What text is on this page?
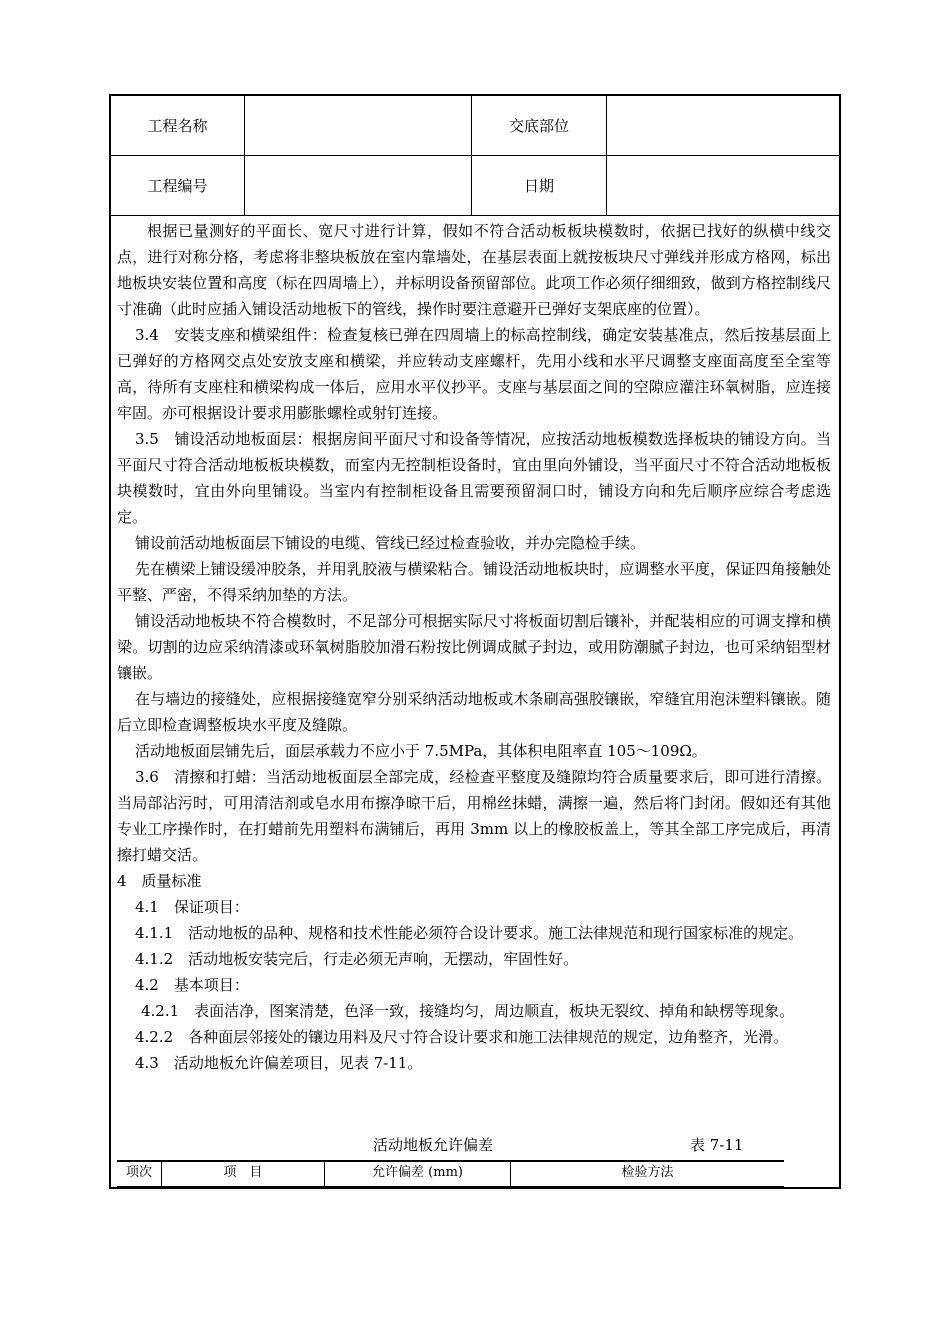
工程名称	交底部位
工程编号	日期

根据已量测好的平面长、宽尺寸进行计算，假如不符合活动板板块模数时，依据已找好的纵横中线交点，进行对称分格，考虑将非整块板放在室内靠墙处，在基层表面上就按板块尺寸弹线并形成方格网，标出地板块安装位置和高度（标在四周墙上），并标明设备预留部位。此项工作必须仔细细致，做到方格控制线尺寸准确（此时应插入铺设活动地板下的管线，操作时要注意避开已弹好支架底座的位置）。

3.4　安装支座和横梁组件：检查复核已弹在四周墙上的标高控制线，确定安装基准点，然后按基层面上已弹好的方格网交点处安放支座和横梁，并应转动支座螺杆，先用小线和水平尺调整支座面高度至全室等高，待所有支座柱和横梁构成一体后，应用水平仪抄平。支座与基层面之间的空隙应灌注环氧树脂，应连接牢固。亦可根据设计要求用膨胀螺栓或射钉连接。

3.5　铺设活动地板面层：根据房间平面尺寸和设备等情况，应按活动地板模数选择板块的铺设方向。当平面尺寸符合活动地板板块模数，而室内无控制柜设备时，宜由里向外铺设，当平面尺寸不符合活动地板板块模数时，宜由外向里铺设。当室内有控制柜设备且需要预留洞口时，铺设方向和先后顺序应综合考虑选定。

铺设前活动地板面层下铺设的电缆、管线已经过检查验收，并办完隐检手续。

先在横梁上铺设缓冲胶条，并用乳胶液与横梁粘合。铺设活动地板块时，应调整水平度，保证四角接触处平整、严密，不得采纳加垫的方法。

铺设活动地板块不符合模数时，不足部分可根据实际尺寸将板面切割后镶补，并配装相应的可调支撑和横梁。切割的边应采纳清漆或环氧树脂胶加滑石粉按比例调成腻子封边，或用防潮腻子封边，也可采纳铝型材镶嵌。

在与墙边的接缝处，应根据接缝宽窄分别采纳活动地板或木条刷高强胶镶嵌，窄缝宜用泡沫塑料镶嵌。随后立即检查调整板块水平度及缝隙。

活动地板面层铺先后，面层承载力不应小于 7.5MPa，其体积电阻率直 105～109Ω。

3.6　清擦和打蜡：当活动地板面层全部完成，经检查平整度及缝隙均符合质量要求后，即可进行清擦。当局部沾污时，可用清洁剂或皂水用布擦净晾干后，用棉丝抹蜡，满擦一遍，然后将门封闭。假如还有其他专业工序操作时，在打蜡前先用塑料布满铺后，再用 3mm 以上的橡胶板盖上，等其全部工序完成后，再清擦打蜡交活。

4　质量标准

4.1　保证项目：

4.1.1　活动地板的品种、规格和技术性能必须符合设计要求。施工法律规范和现行国家标准的规定。

4.1.2　活动地板安装完后，行走必须无声响，无摆动，牢固性好。

4.2　基本项目：

4.2.1　表面洁净，图案清楚，色泽一致，接缝均匀，周边顺直，板块无裂纹、掉角和缺楞等现象。

4.2.2　各种面层邻接处的镶边用料及尺寸符合设计要求和施工法律规范的规定，边角整齐，光滑。

4.3　活动地板允许偏差项目，见表 7-11。

活动地板允许偏差	表 7-11
项次	项　目	允许偏差 (mm)	检验方法
